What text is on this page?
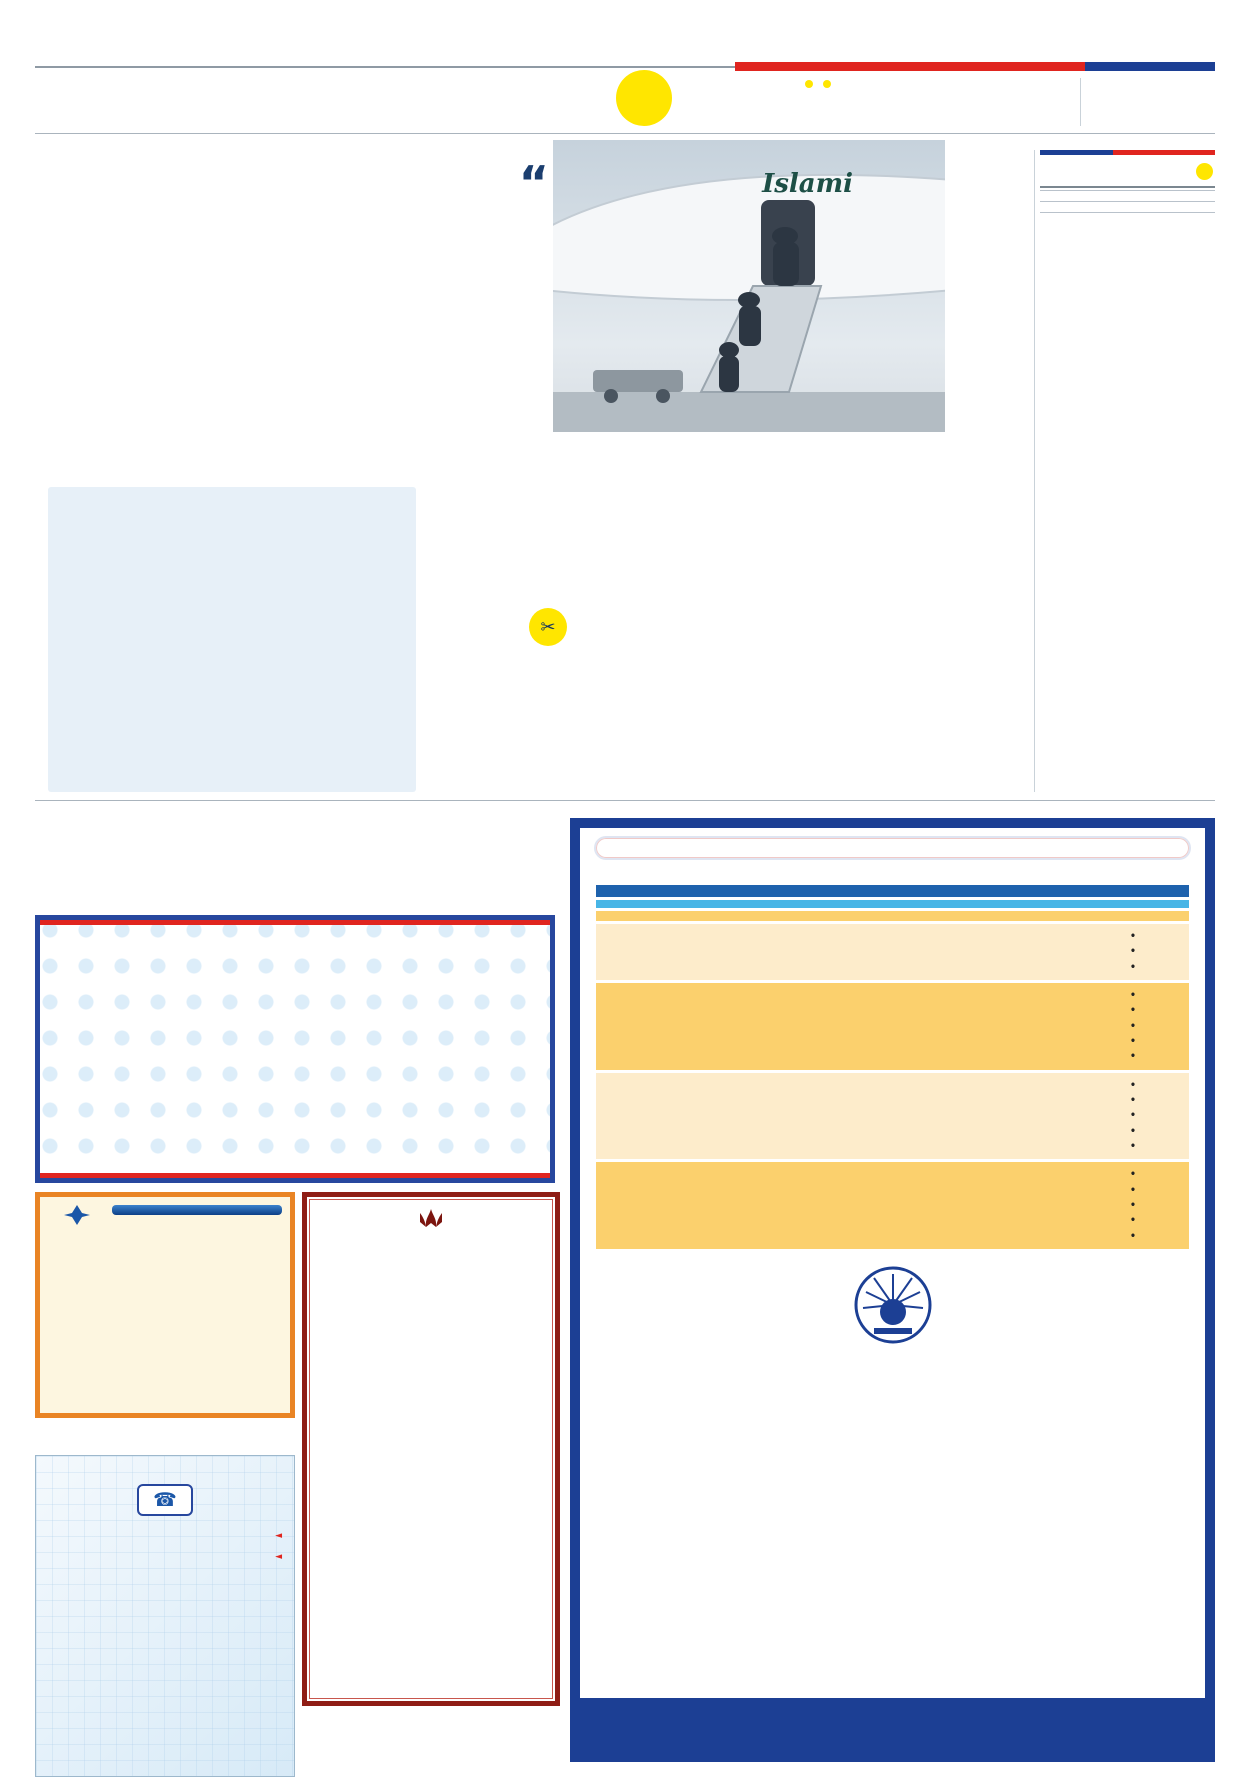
“	Islami
✂

•
•
•

•
•
•
•
•

•
•
•
•
•

•
•
•
•
•
☎
◄
◄
